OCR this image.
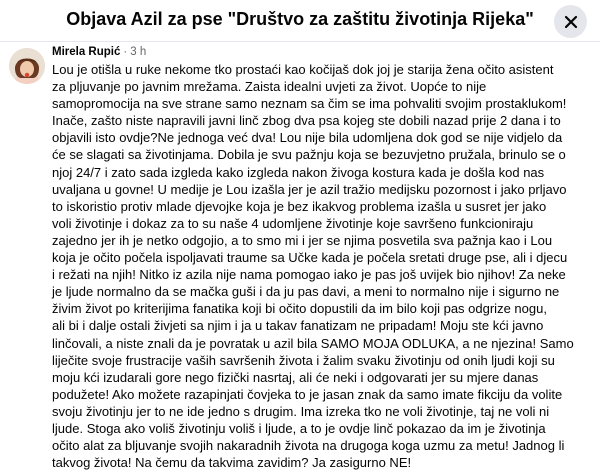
Objava Azil za pse "Društvo za zaštitu životinja Rijeka"
Mirela Rupić · 3 h
Lou je otišla u ruke nekome tko prostaći kao kočijaš dok joj je starija žena očito asistent
za pljuvanje po javnim mrežama. Zaista idealni uvjeti za život. Uopće to nije
samopromocija na sve strane samo neznam sa čim se ima pohvaliti svojim prostaklukom!
Inače, zašto niste napravili javni linč zbog dva psa kojeg ste dobili nazad prije 2 dana i to
objavili isto ovdje?Ne jednoga već dva! Lou nije bila udomljena dok god se nije vidjelo da
će se slagati sa životinjama. Dobila je svu pažnju koja se bezuvjetno pružala, brinulo se o
njoj 24/7 i zato sada izgleda kako izgleda nakon živoga kostura kada je došla kod nas
uvaljana u govne! U medije je Lou izašla jer je azil tražio medijsku pozornost i jako prljavo
to iskoristio protiv mlade djevojke koja je bez ikakvog problema izašla u susret jer jako
voli životinje i dokaz za to su naše 4 udomljene životinje koje savršeno funkcioniraju
zajedno jer ih je netko odgojio, a to smo mi i jer se njima posvetila sva pažnja kao i Lou
koja je očito počela ispoljavati traume sa Učke kada je počela sretati druge pse, ali i djecu
i režati na njih! Nitko iz azila nije nama pomogao iako je pas još uvijek bio njihov! Za neke
je ljude normalno da se mačka guši i da ju pas davi, a meni to normalno nije i sigurno ne
živim život po kriterijima fanatika koji bi očito dopustili da im bilo koji pas odgrize nogu,
ali bi i dalje ostali živjeti sa njim i ja u takav fanatizam ne pripadam! Moju ste kći javno
linčovali, a niste znali da je povratak u azil bila SAMO MOJA ODLUKA, a ne njezina! Samo
liječite svoje frustracije vaših savršenih života i žalim svaku životinju od onih ljudi koji su
moju kći izudarali gore nego fizički nasrtaj, ali će neki i odgovarati jer su mjere danas
podužete! Ako možete razapinjati čovjeka to je jasan znak da samo imate fikciju da volite
svoju životinju jer to ne ide jedno s drugim. Ima izreka tko ne voli životinje, taj ne voli ni
ljude. Stoga ako voliš životinju voliš i ljude, a to je ovdje linč pokazao da im je životinja
očito alat za bljuvanje svojih nakaradnih života na drugoga koga uzmu za metu! Jadnog li
takvog života! Na čemu da takvima zavidim? Ja zasigurno NE!
